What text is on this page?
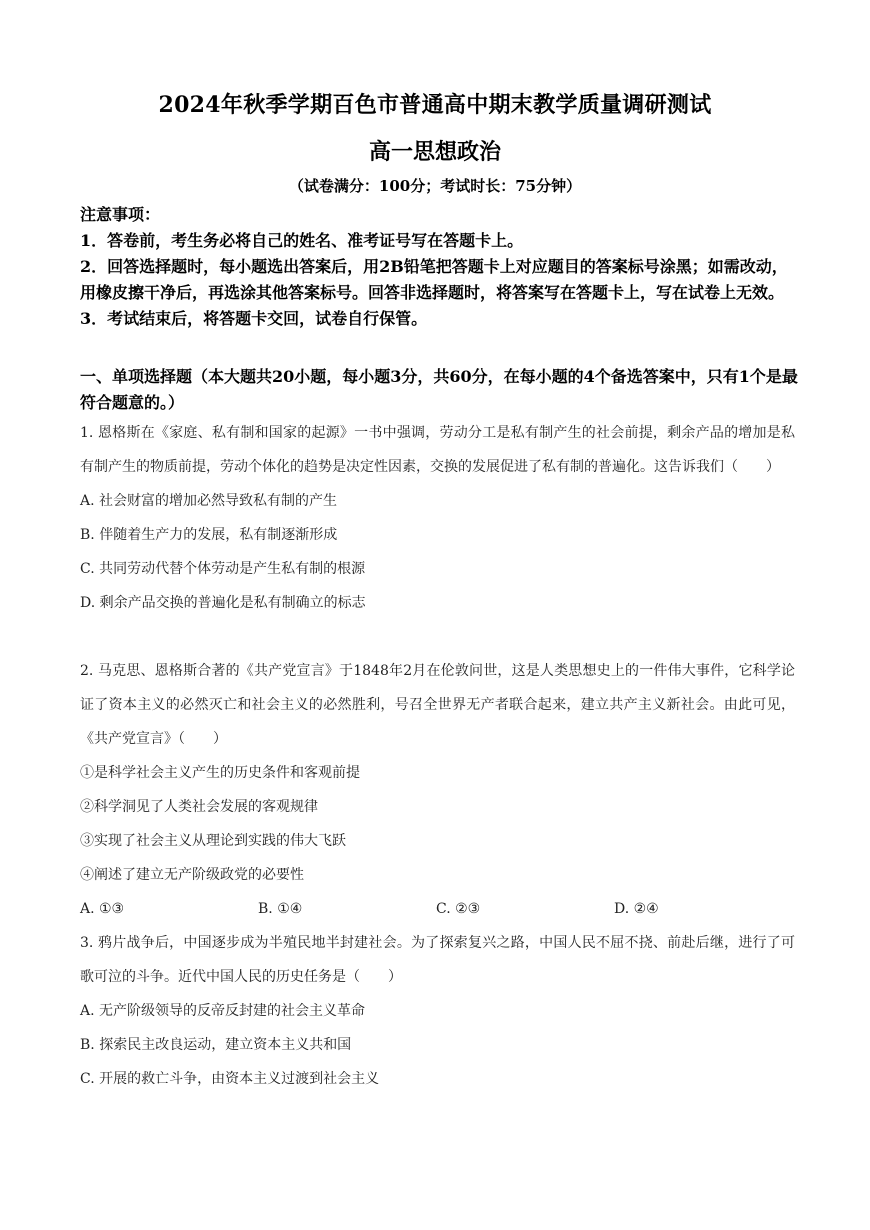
2024年秋季学期百色市普通高中期末教学质量调研测试
高一思想政治
（试卷满分：100分；考试时长：75分钟）
注意事项：
1．答卷前，考生务必将自己的姓名、准考证号写在答题卡上。
2．回答选择题时，每小题选出答案后，用2B铅笔把答题卡上对应题目的答案标号涂黑；如需改动，用橡皮擦干净后，再选涂其他答案标号。回答非选择题时，将答案写在答题卡上，写在试卷上无效。
3．考试结束后，将答题卡交回，试卷自行保管。
一、单项选择题（本大题共20小题，每小题3分，共60分，在每小题的4个备选答案中，只有1个是最符合题意的。）
1. 恩格斯在《家庭、私有制和国家的起源》一书中强调，劳动分工是私有制产生的社会前提，剩余产品的增加是私有制产生的物质前提，劳动个体化的趋势是决定性因素，交换的发展促进了私有制的普遍化。这告诉我们（　　）
A. 社会财富的增加必然导致私有制的产生
B. 伴随着生产力的发展，私有制逐渐形成
C. 共同劳动代替个体劳动是产生私有制的根源
D. 剩余产品交换的普遍化是私有制确立的标志
2. 马克思、恩格斯合著的《共产党宣言》于1848年2月在伦敦问世，这是人类思想史上的一件伟大事件，它科学论证了资本主义的必然灭亡和社会主义的必然胜利，号召全世界无产者联合起来，建立共产主义新社会。由此可见，《共产党宣言》（　　）
①是科学社会主义产生的历史条件和客观前提
②科学洞见了人类社会发展的客观规律
③实现了社会主义从理论到实践的伟大飞跃
④阐述了建立无产阶级政党的必要性
A. ①③	B. ①④	C. ②③	D. ②④
3. 鸦片战争后，中国逐步成为半殖民地半封建社会。为了探索复兴之路，中国人民不屈不挠、前赴后继，进行了可歌可泣的斗争。近代中国人民的历史任务是（　　）
A. 无产阶级领导的反帝反封建的社会主义革命
B. 探索民主改良运动，建立资本主义共和国
C. 开展的救亡斗争，由资本主义过渡到社会主义
